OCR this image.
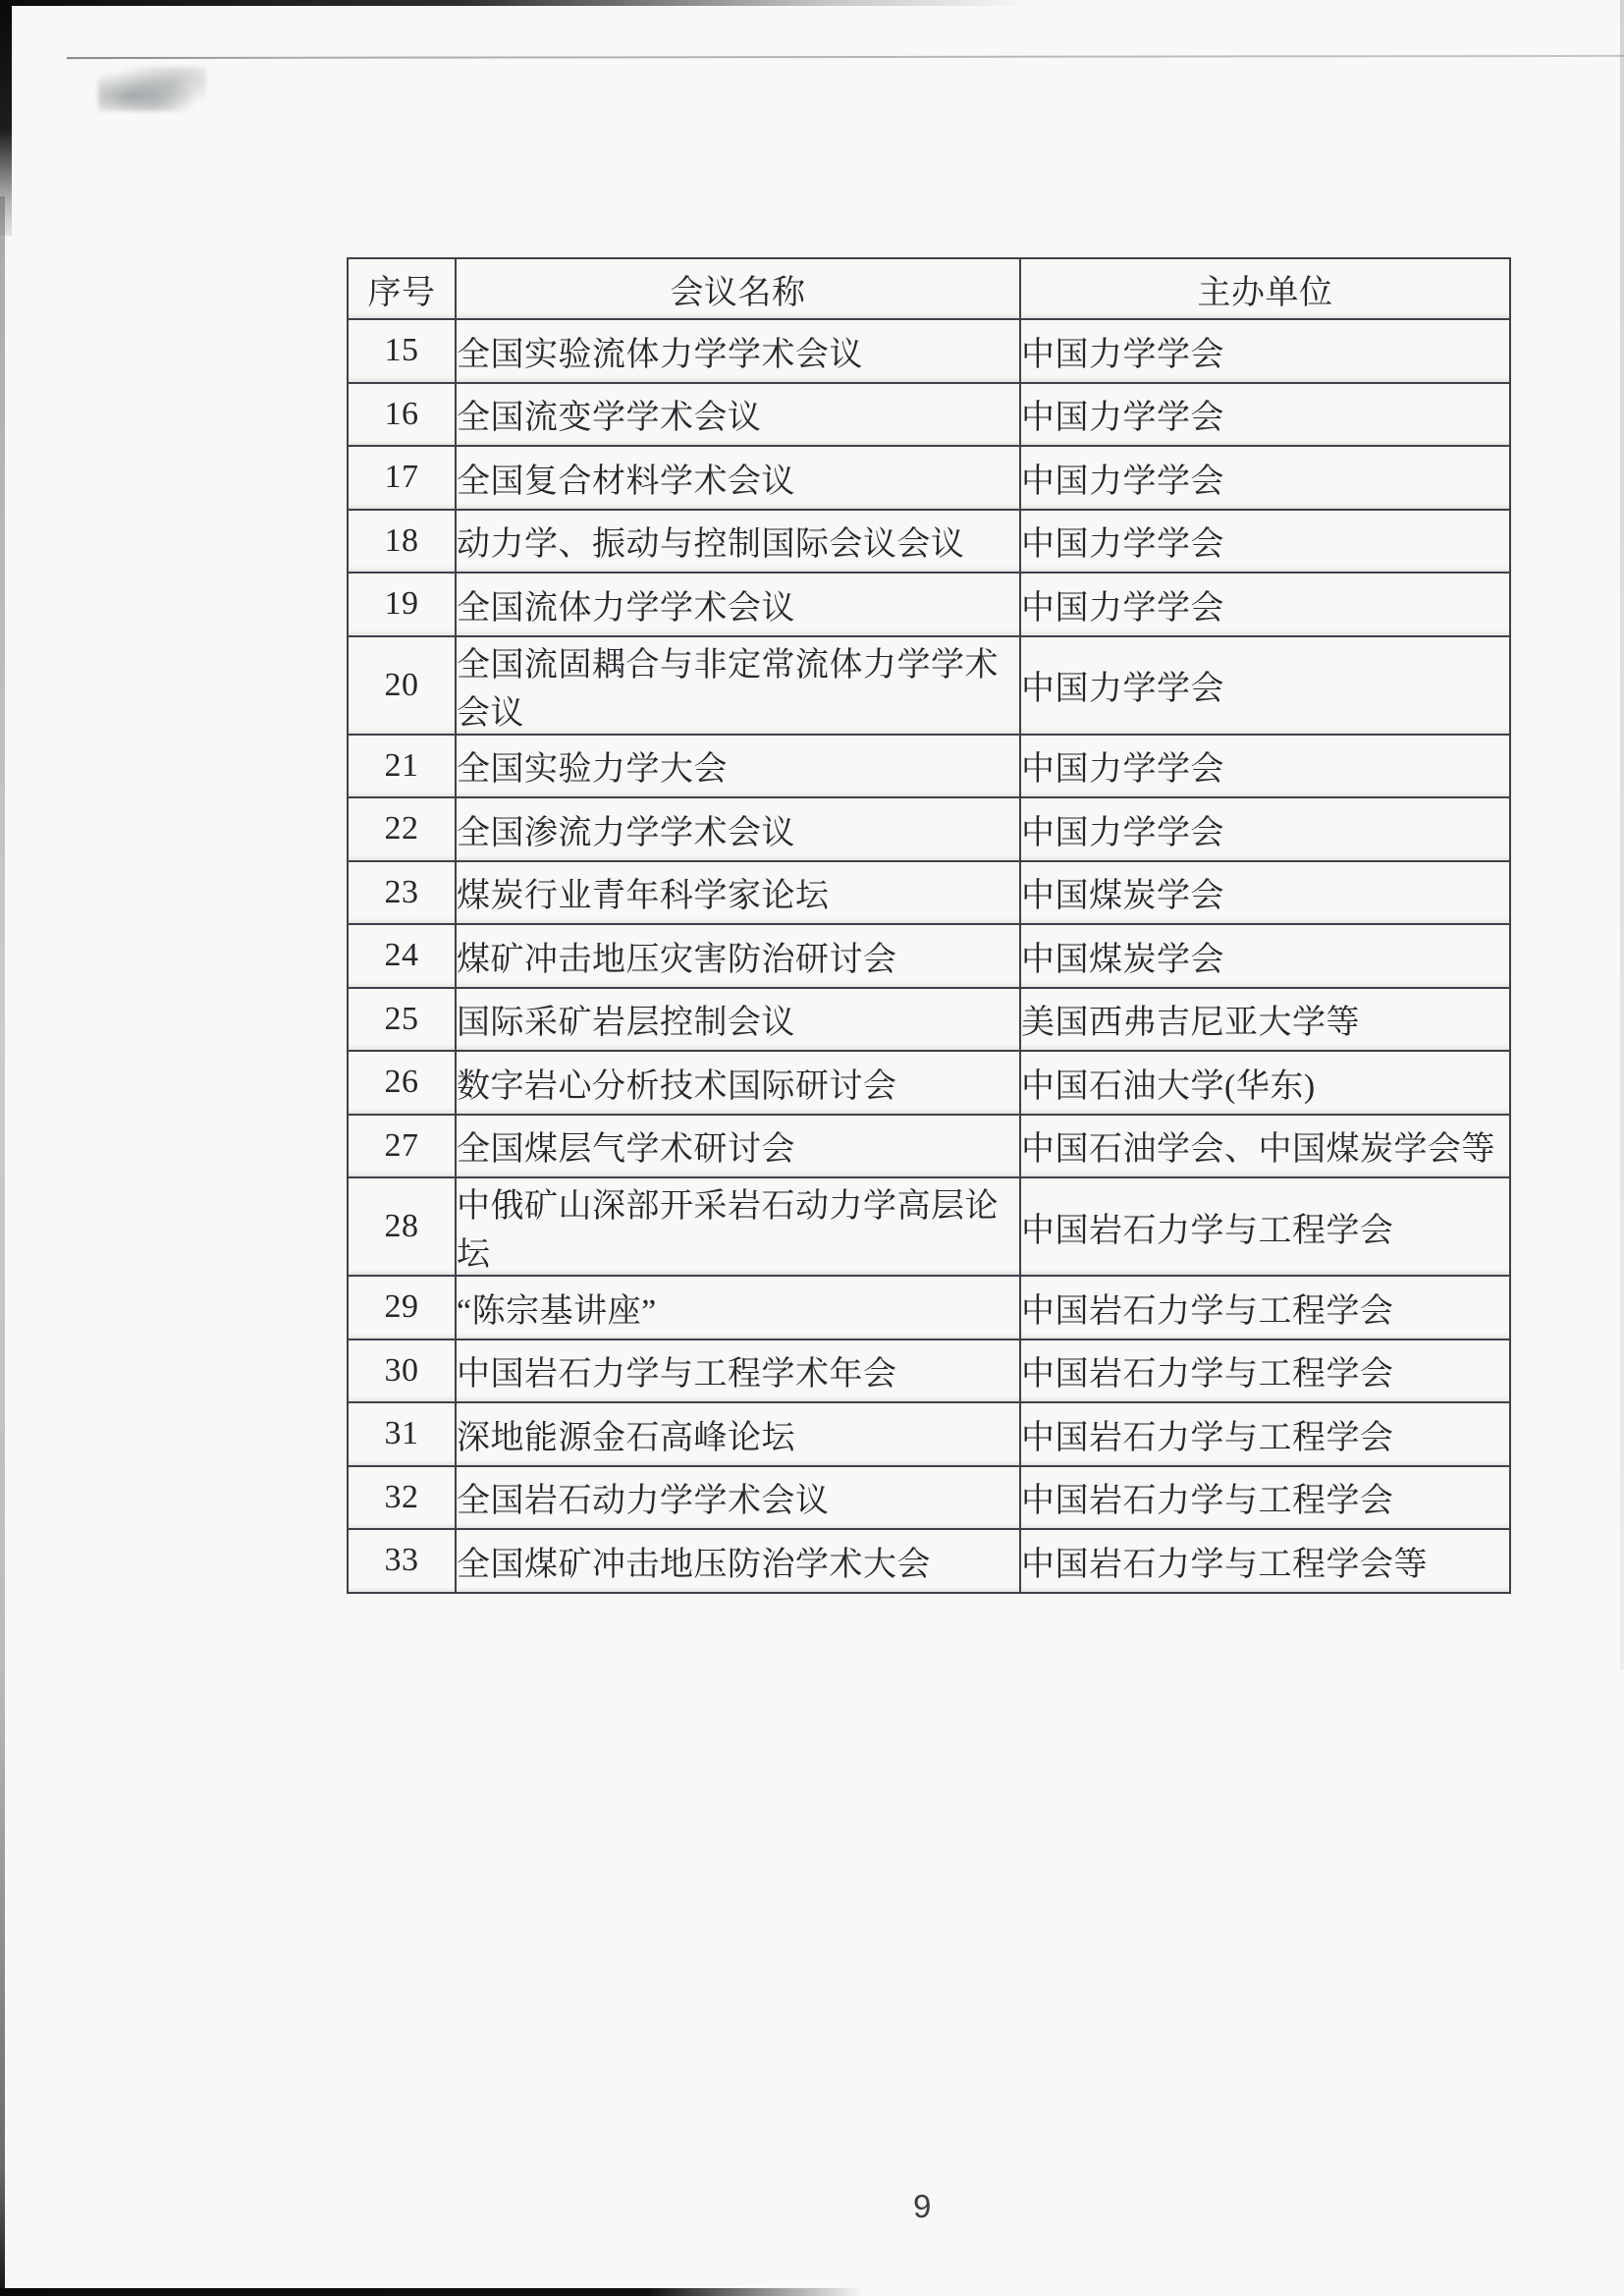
序号	会议名称	主办单位
15	全国实验流体力学学术会议	中国力学学会
16	全国流变学学术会议	中国力学学会
17	全国复合材料学术会议	中国力学学会
18	动力学、振动与控制国际会议会议	中国力学学会
19	全国流体力学学术会议	中国力学学会
20	全国流固耦合与非定常流体力学学术会议	中国力学学会
21	全国实验力学大会	中国力学学会
22	全国渗流力学学术会议	中国力学学会
23	煤炭行业青年科学家论坛	中国煤炭学会
24	煤矿冲击地压灾害防治研讨会	中国煤炭学会
25	国际采矿岩层控制会议	美国西弗吉尼亚大学等
26	数字岩心分析技术国际研讨会	中国石油大学(华东)
27	全国煤层气学术研讨会	中国石油学会、中国煤炭学会等
28	中俄矿山深部开采岩石动力学高层论坛	中国岩石力学与工程学会
29	“陈宗基讲座”	中国岩石力学与工程学会
30	中国岩石力学与工程学术年会	中国岩石力学与工程学会
31	深地能源金石高峰论坛	中国岩石力学与工程学会
32	全国岩石动力学学术会议	中国岩石力学与工程学会
33	全国煤矿冲击地压防治学术大会	中国岩石力学与工程学会等
9
